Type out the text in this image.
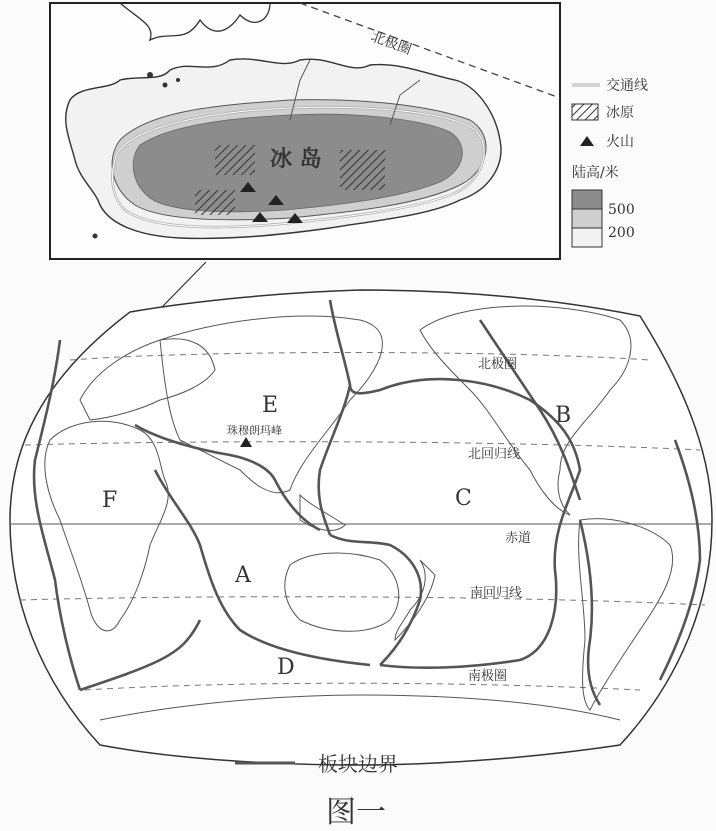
北极圈
冰 岛
交通线
冰原
火山
陆高/米
500
200
A
B
C
D
E
F
珠穆朗玛峰
北极圈
北回归线
赤道
南回归线
南极圈
板块边界
图一
